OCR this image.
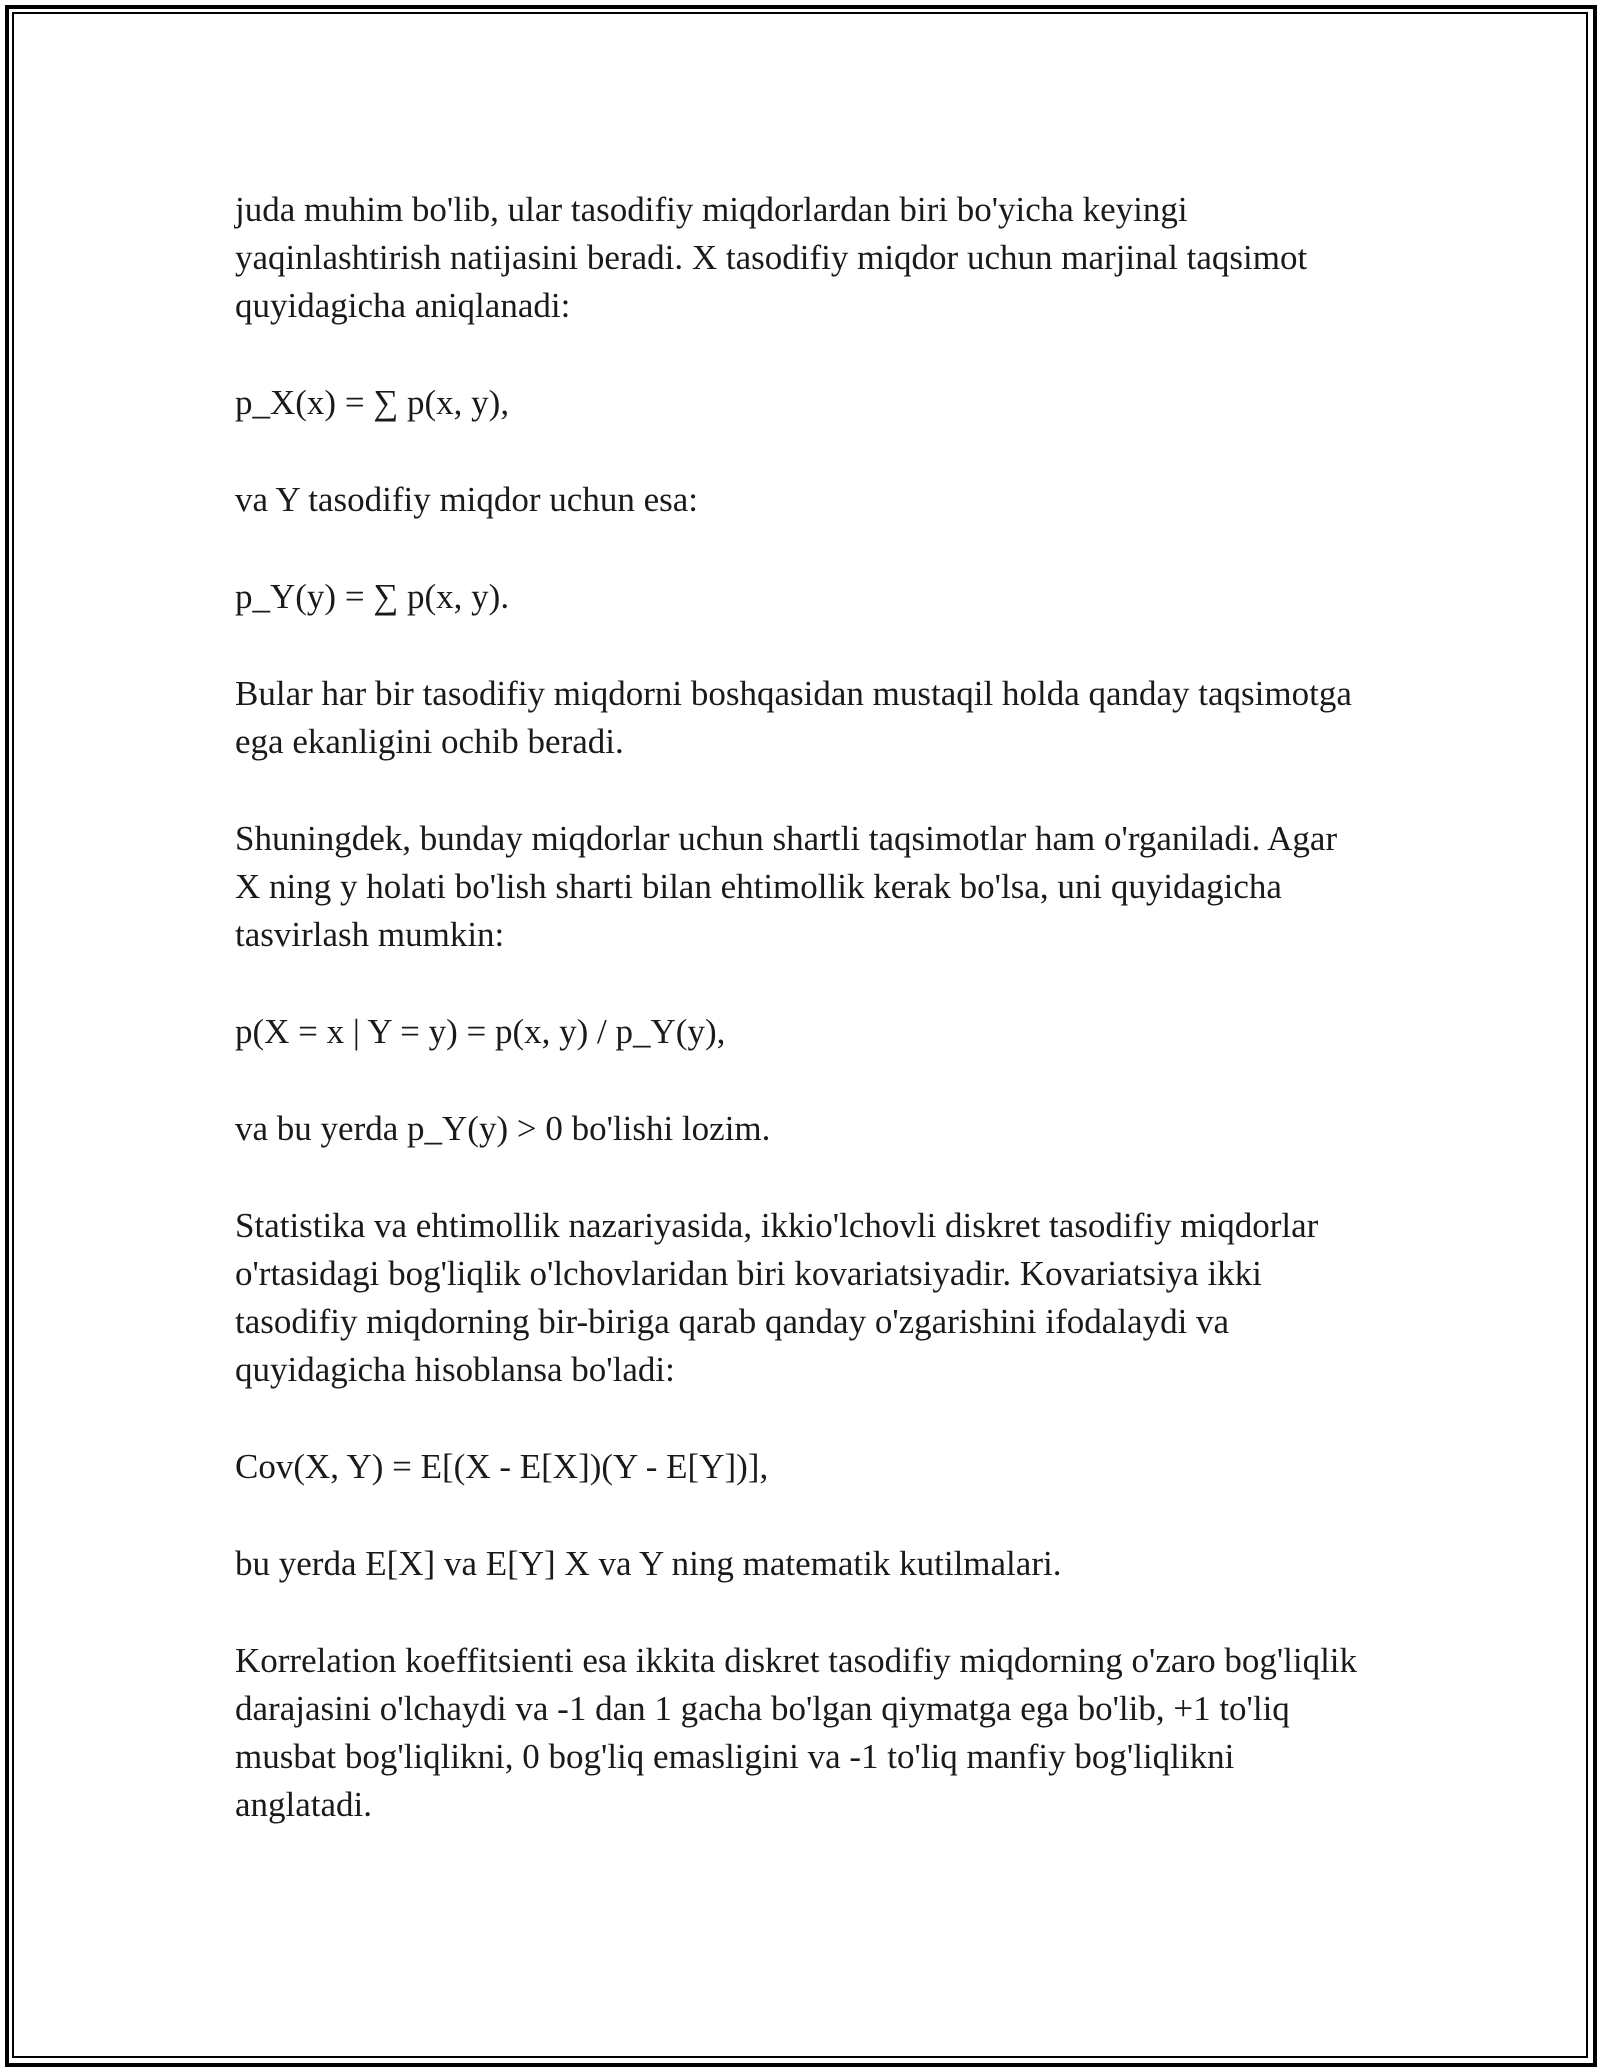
juda muhim bo'lib, ular tasodifiy miqdorlardan biri bo'yicha keyingi yaqinlashtirish natijasini beradi. X tasodifiy miqdor uchun marjinal taqsimot quyidagicha aniqlanadi:

p_X(x) = ∑ p(x, y),

va Y tasodifiy miqdor uchun esa:

p_Y(y) = ∑ p(x, y).

Bular har bir tasodifiy miqdorni boshqasidan mustaqil holda qanday taqsimotga ega ekanligini ochib beradi.

Shuningdek, bunday miqdorlar uchun shartli taqsimotlar ham o'rganiladi. Agar X ning y holati bo'lish sharti bilan ehtimollik kerak bo'lsa, uni quyidagicha tasvirlash mumkin:

p(X = x | Y = y) = p(x, y) / p_Y(y),

va bu yerda p_Y(y) > 0 bo'lishi lozim.

Statistika va ehtimollik nazariyasida, ikkio'lchovli diskret tasodifiy miqdorlar o'rtasidagi bog'liqlik o'lchovlaridan biri kovariatsiyadir. Kovariatsiya ikki tasodifiy miqdorning bir-biriga qarab qanday o'zgarishini ifodalaydi va quyidagicha hisoblansa bo'ladi:

Cov(X, Y) = E[(X - E[X])(Y - E[Y])],

bu yerda E[X] va E[Y] X va Y ning matematik kutilmalari.

Korrelation koeffitsienti esa ikkita diskret tasodifiy miqdorning o'zaro bog'liqlik darajasini o'lchaydi va -1 dan 1 gacha bo'lgan qiymatga ega bo'lib, +1 to'liq musbat bog'liqlikni, 0 bog'liq emasligini va -1 to'liq manfiy bog'liqlikni anglatadi.
